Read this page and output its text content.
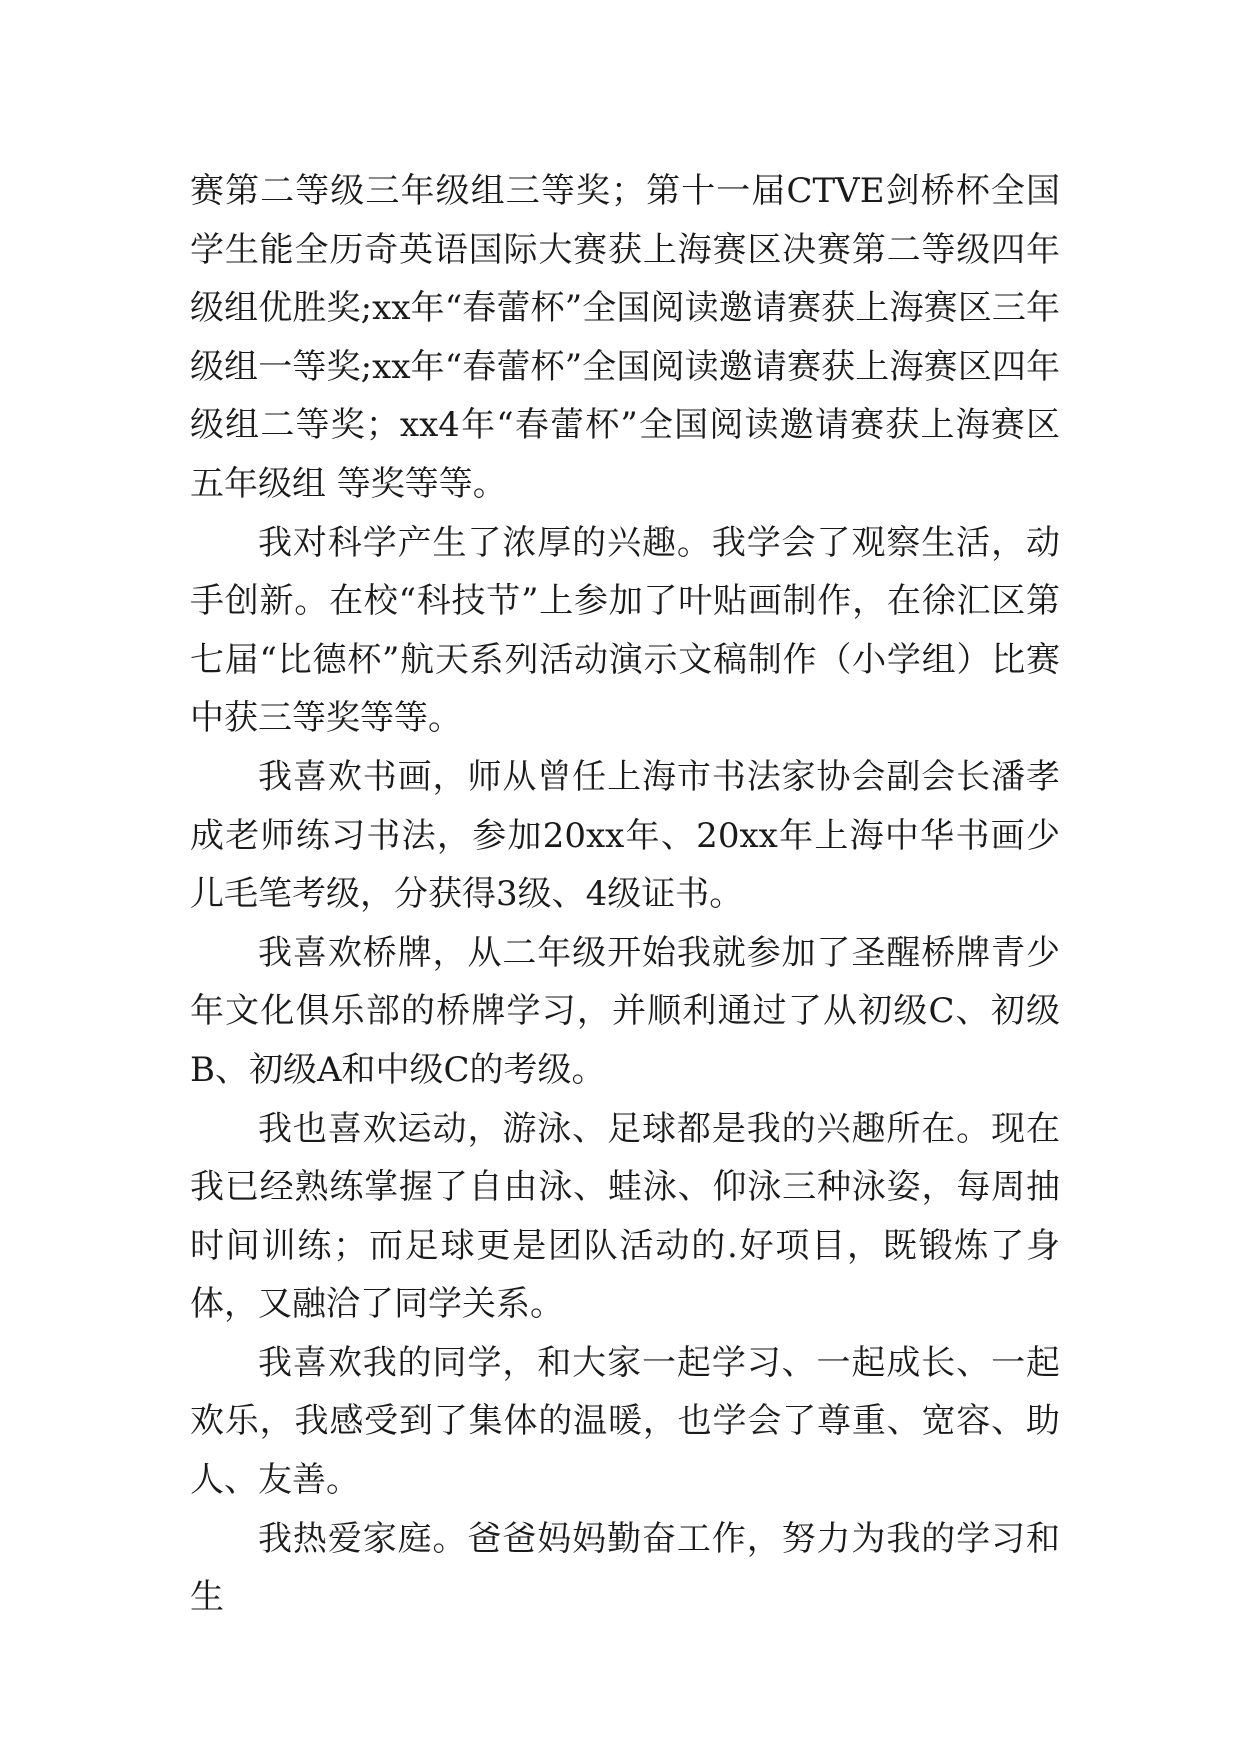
赛第二等级三年级组三等奖；第十一届CTVE剑桥杯全国学生能全历奇英语国际大赛获上海赛区决赛第二等级四年级组优胜奖;xx年“春蕾杯”全国阅读邀请赛获上海赛区三年级组一等奖;xx年“春蕾杯”全国阅读邀请赛获上海赛区四年级组二等奖；xx4年“春蕾杯”全国阅读邀请赛获上海赛区五年级组 等奖等等。

我对科学产生了浓厚的兴趣。我学会了观察生活，动手创新。在校“科技节”上参加了叶贴画制作，在徐汇区第七届“比德杯”航天系列活动演示文稿制作（小学组）比赛中获三等奖等等。

我喜欢书画，师从曾任上海市书法家协会副会长潘孝成老师练习书法，参加20xx年、20xx年上海中华书画少儿毛笔考级，分获得3级、4级证书。

我喜欢桥牌，从二年级开始我就参加了圣醒桥牌青少年文化俱乐部的桥牌学习，并顺利通过了从初级C、初级B、初级A和中级C的考级。

我也喜欢运动，游泳、足球都是我的兴趣所在。现在我已经熟练掌握了自由泳、蛙泳、仰泳三种泳姿，每周抽时间训练；而足球更是团队活动的.好项目，既锻炼了身体，又融洽了同学关系。

我喜欢我的同学，和大家一起学习、一起成长、一起欢乐，我感受到了集体的温暖，也学会了尊重、宽容、助人、友善。

我热爱家庭。爸爸妈妈勤奋工作，努力为我的学习和生
